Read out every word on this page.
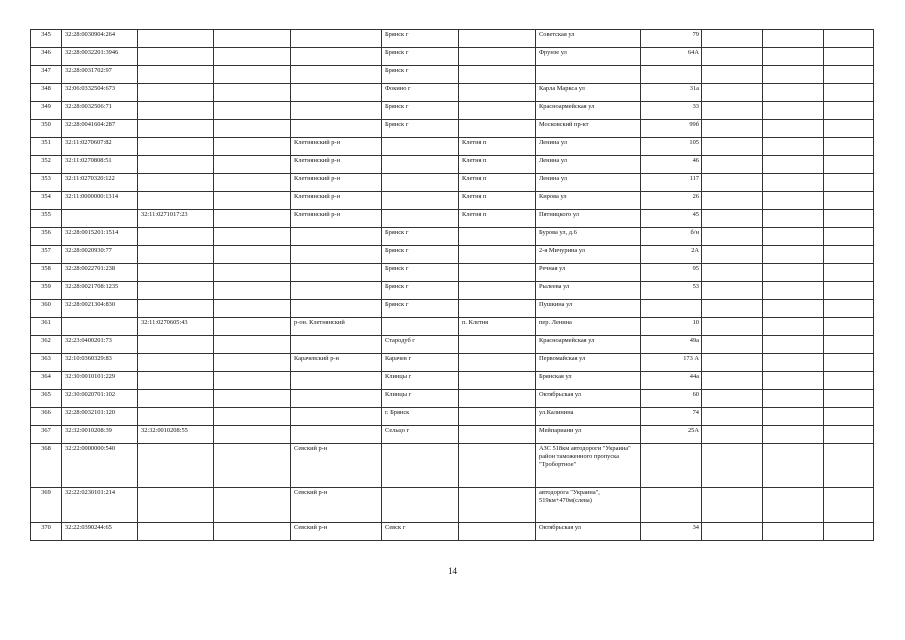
345	32:28:0030904:264				Брянск г		Советская ул	79			
346	32:28:0032201:3946				Брянск г		Фрунзе ул	64А			
347	32:28:0031702:97				Брянск г						
348	32:06:0332504:673				Фокино г		Карла Маркса ул	31а			
349	32:28:0032506:71				Брянск г		Красноармейская ул	33			
350	32:28:0041604:287				Брянск г		Московский пр-кт	99б			
351	32:11:0270607:82			Клетнянский р-н		Клетня п	Ленина ул	105			
352	32:11:0270808:51			Клетнянский р-н		Клетня п	Ленина ул	46			
353	32:11:0270320:122			Клетнянский р-н		Клетня п	Ленина ул	117			
354	32:11:0000000:1314			Клетнянский р-н		Клетня п	Кирова ул	26			
355		32:11:0271017:23		Клетнянский р-н		Клетня п	Пятницкого ул	45			
356	32:28:0015201:1514				Брянск г		Бурова ул, д.6	б/н			
357	32:28:0020930:77				Брянск г		2-я Мичурина ул	2А			
358	32:28:0022701:238				Брянск г		Речная ул	95			
359	32:28:0021708:1235				Брянск г		Рылеева ул	53			
360	32:28:0021304:830				Брянск г		Пушкина ул				
361		32:11:0270605:43		р-он. Клетнянский		п. Клетня	пер. Ленина	10			
362	32:23:0400201:73				Стародуб г		Красноармейская ул	49а			
363	32:10:0360329:83			Карачевский р-н	Карачев г		Первомайская ул	173 А			
364	32:30:0010101:229				Клинцы г		Брянская ул	44а			
365	32:30:0020701:102				Клинцы г		Октябрьская ул	60			
366	32:28:0032101:120				г. Брянск		ул.Калинина	74			
367	32:32:0010208:39	32:32:0010208:55			Сельцо г		Мейпариани ул	25А			
368	32:22:0000000:540			Севский р-н			АЗС 518км автодороги "Украина" район таможенного пропуска "Тробортное"				
369	32:22:0230101:214			Севский р-н			автодорога "Украина", 519км+470м(слева)				
370	32:22:0390244:65			Севский р-н	Севск г		Октябрьская ул	34			
14
